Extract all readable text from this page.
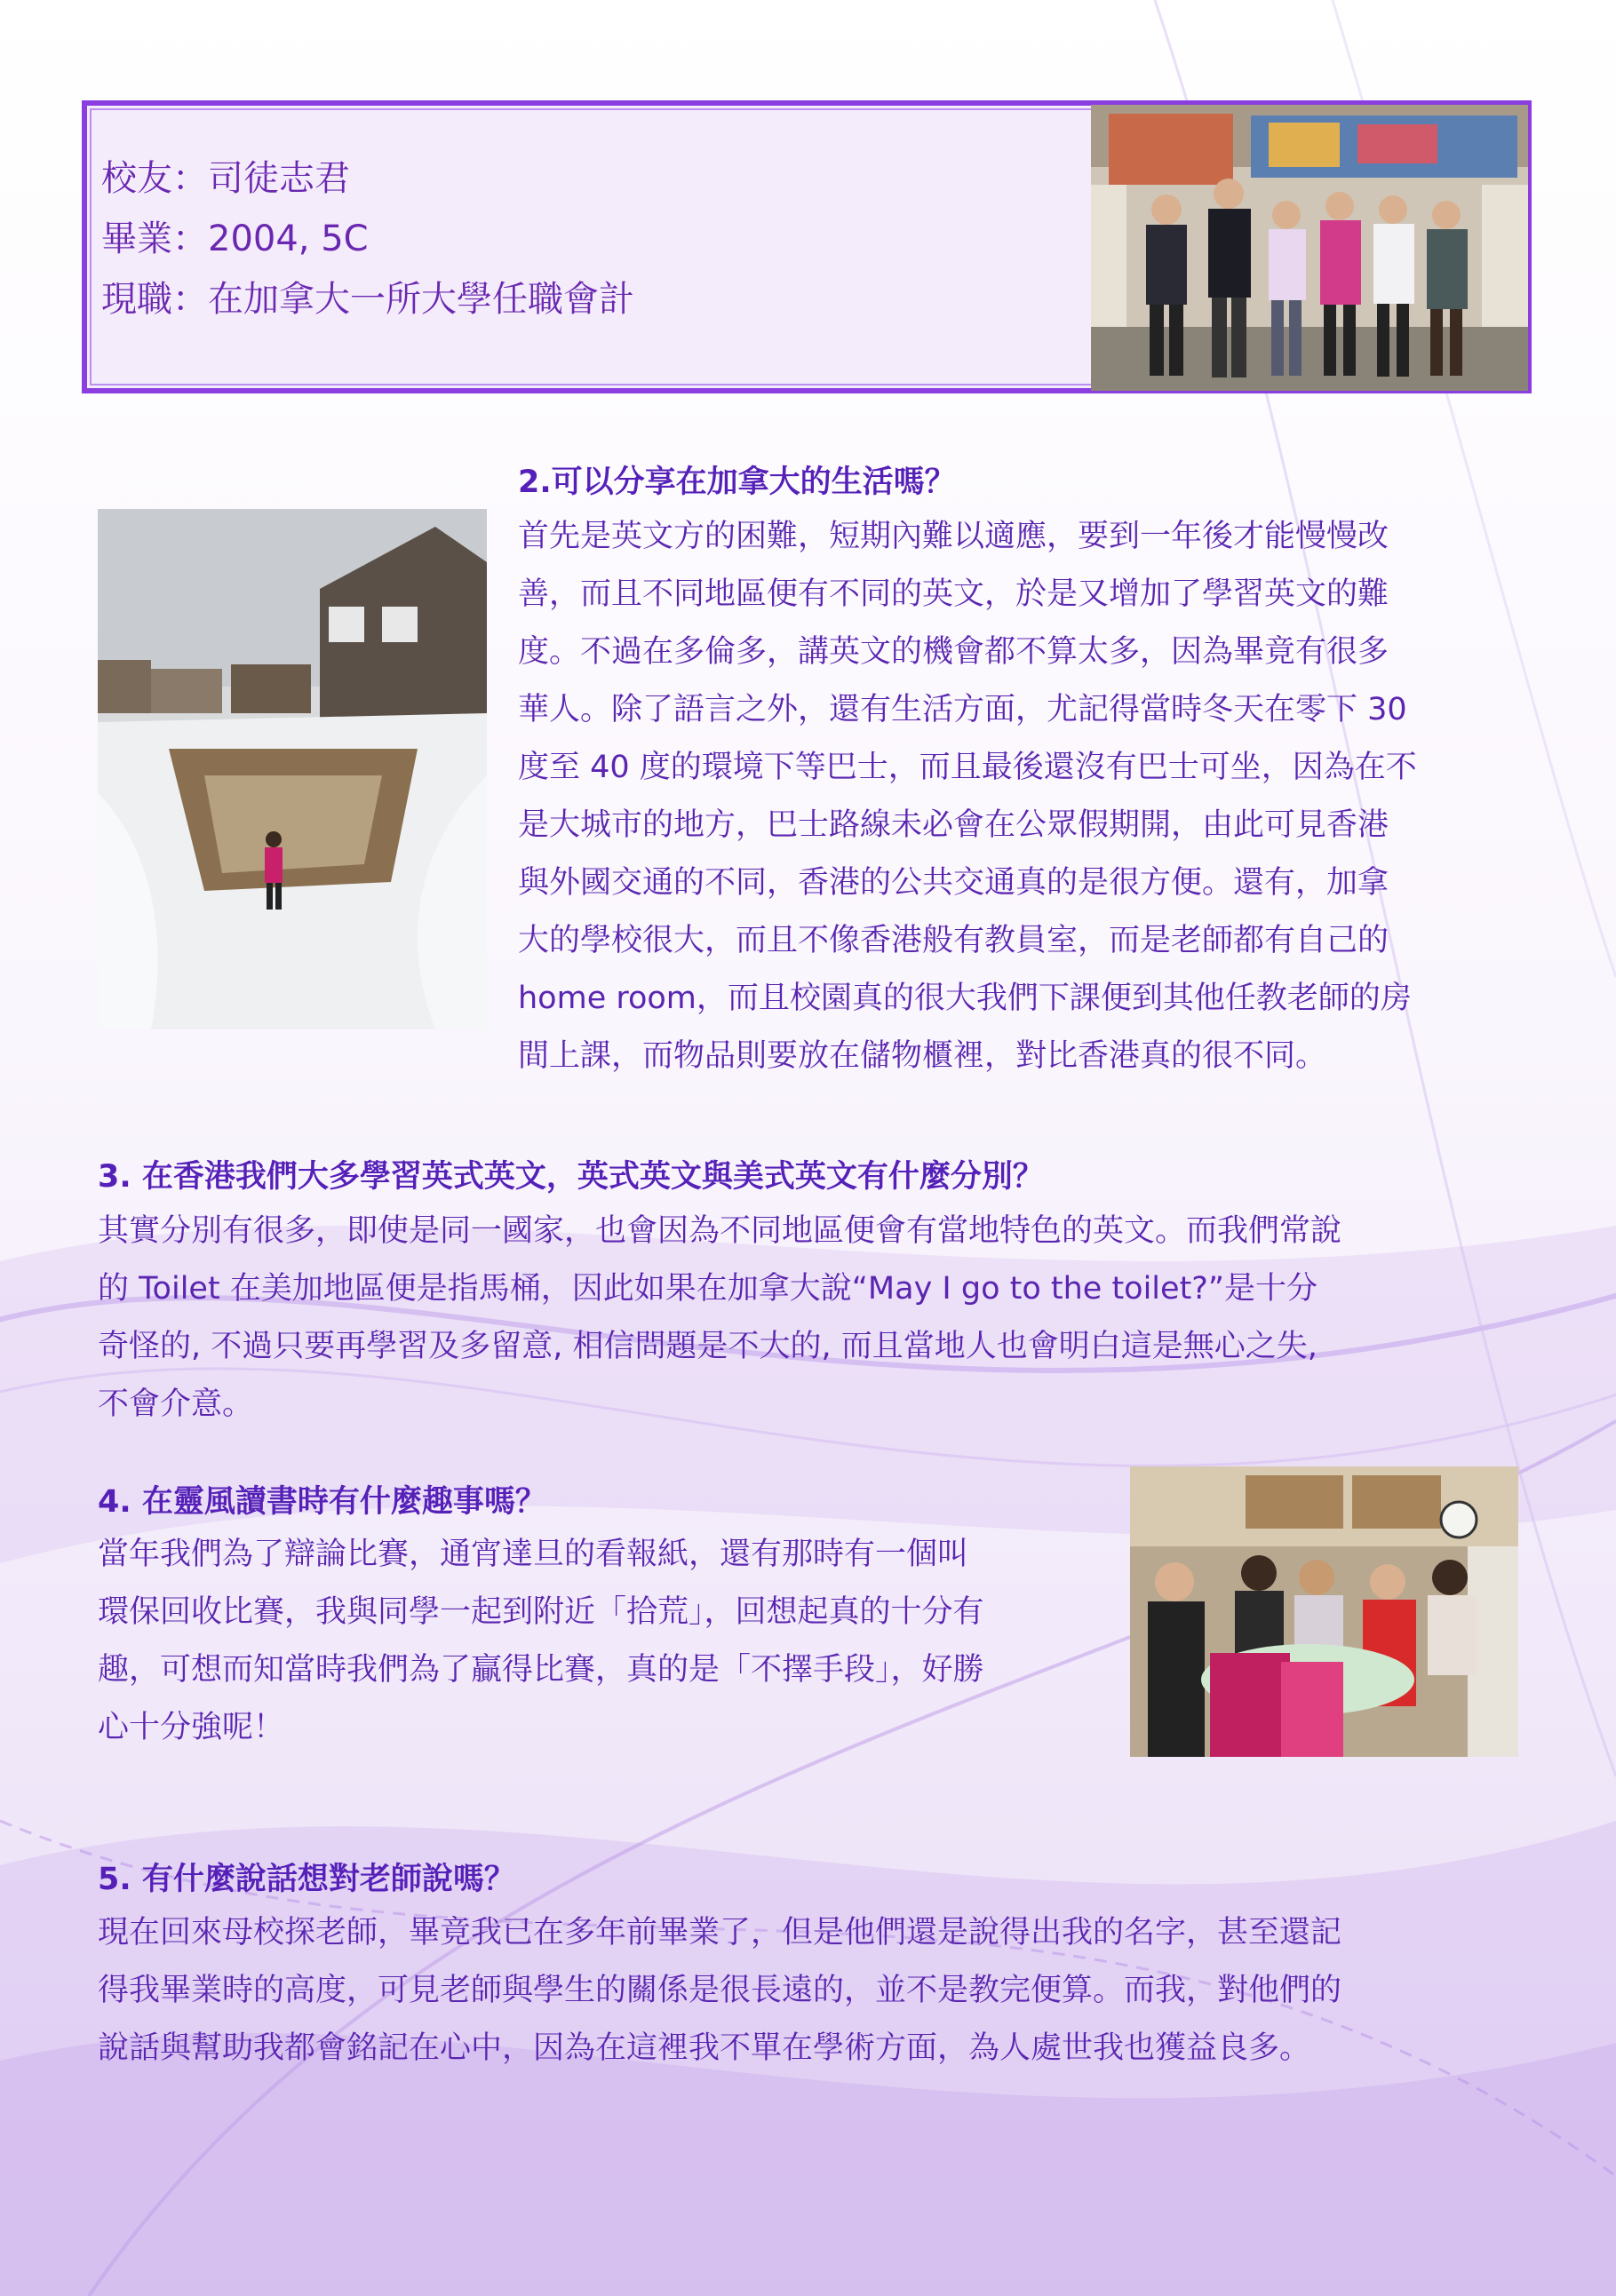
校友：司徒志君
畢業：2004, 5C
現職：在加拿大一所大學任職會計
2.可以分享在加拿大的生活嗎？
首先是英文方的困難，短期內難以適應，要到一年後才能慢慢改
善，而且不同地區便有不同的英文，於是又增加了學習英文的難
度。不過在多倫多，講英文的機會都不算太多，因為畢竟有很多
華人。除了語言之外，還有生活方面，尤記得當時冬天在零下 30
度至 40 度的環境下等巴士，而且最後還沒有巴士可坐，因為在不
是大城市的地方，巴士路線未必會在公眾假期開，由此可見香港
與外國交通的不同，香港的公共交通真的是很方便。還有，加拿
大的學校很大，而且不像香港般有教員室，而是老師都有自己的
home room，而且校園真的很大我們下課便到其他任教老師的房
間上課，而物品則要放在儲物櫃裡，對比香港真的很不同。
3. 在香港我們大多學習英式英文，英式英文與美式英文有什麼分別？
其實分別有很多，即使是同一國家，也會因為不同地區便會有當地特色的英文。而我們常說
的 Toilet 在美加地區便是指馬桶，因此如果在加拿大說“May I go to the toilet?”是十分
奇怪的, 不過只要再學習及多留意, 相信問題是不大的, 而且當地人也會明白這是無心之失,
不會介意。
4. 在靈風讀書時有什麼趣事嗎？
當年我們為了辯論比賽，通宵達旦的看報紙，還有那時有一個叫
環保回收比賽，我與同學一起到附近「拾荒」，回想起真的十分有
趣，可想而知當時我們為了贏得比賽，真的是「不擇手段」，好勝
心十分強呢！
5. 有什麼說話想對老師說嗎？
現在回來母校探老師，畢竟我已在多年前畢業了，但是他們還是說得出我的名字，甚至還記
得我畢業時的高度，可見老師與學生的關係是很長遠的，並不是教完便算。而我，對他們的
說話與幫助我都會銘記在心中，因為在這裡我不單在學術方面，為人處世我也獲益良多。
